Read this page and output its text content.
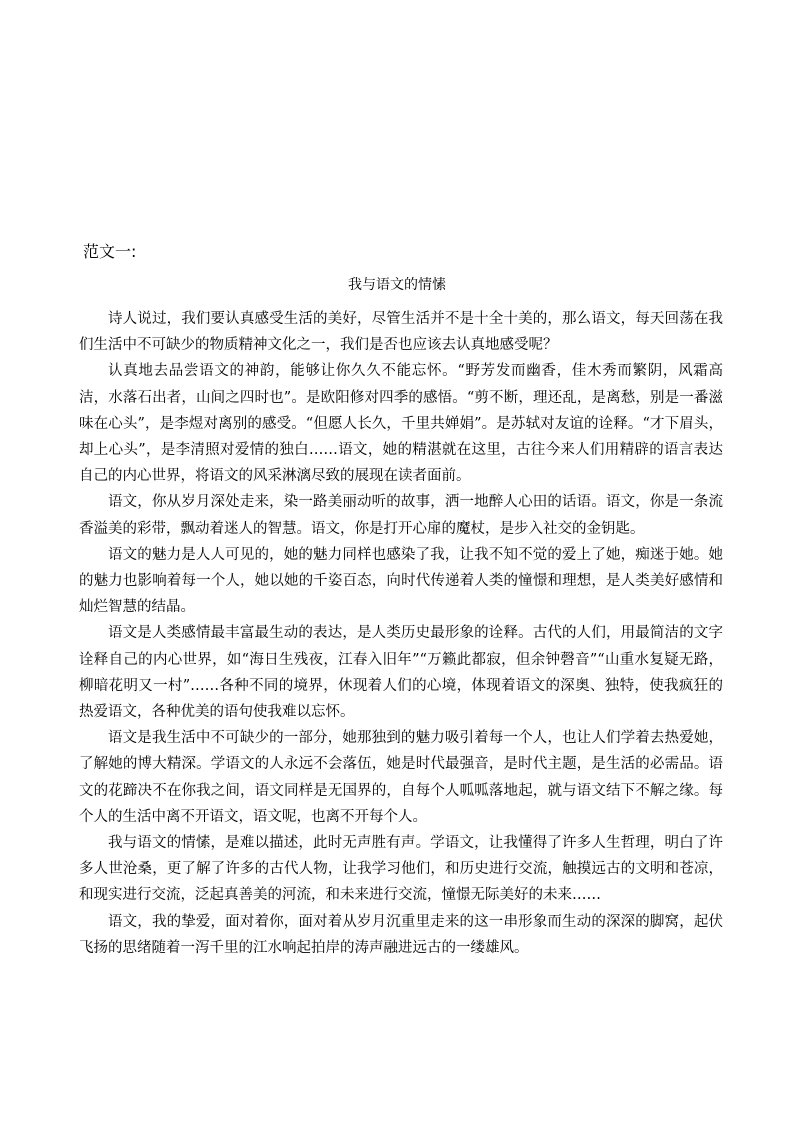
范文一:
我与语文的情愫

诗人说过，我们要认真感受生活的美好，尽管生活并不是十全十美的，那么语文，每天回荡在我们生活中不可缺少的物质精神文化之一，我们是否也应该去认真地感受呢？

认真地去品尝语文的神韵，能够让你久久不能忘怀。“野芳发而幽香，佳木秀而繁阴，风霜高洁，水落石出者，山间之四时也”。是欧阳修对四季的感悟。“剪不断，理还乱，是离愁，别是一番滋味在心头”，是李煜对离别的感受。“但愿人长久，千里共婵娟”。是苏轼对友谊的诠释。“才下眉头，却上心头”，是李清照对爱情的独白……语文，她的精湛就在这里，古往今来人们用精辟的语言表达自己的内心世界，将语文的风采淋漓尽致的展现在读者面前。

语文，你从岁月深处走来，染一路美丽动听的故事，洒一地醉人心田的话语。语文，你是一条流香溢美的彩带，飘动着迷人的智慧。语文，你是打开心扉的魔杖，是步入社交的金钥匙。

语文的魅力是人人可见的，她的魅力同样也感染了我，让我不知不觉的爱上了她，痴迷于她。她的魅力也影响着每一个人，她以她的千姿百态，向时代传递着人类的憧憬和理想，是人类美好感情和灿烂智慧的结晶。

语文是人类感情最丰富最生动的表达，是人类历史最形象的诠释。古代的人们，用最简洁的文字诠释自己的内心世界，如“海日生残夜，江春入旧年”“万籁此都寂，但余钟磬音”“山重水复疑无路，柳暗花明又一村”……各种不同的境界，休现着人们的心境，体现着语文的深奥、独特，使我疯狂的热爱语文，各种优美的语句使我难以忘怀。

语文是我生活中不可缺少的一部分，她那独到的魅力吸引着每一个人，也让人们学着去热爱她，了解她的博大精深。学语文的人永远不会落伍，她是时代最强音，是时代主题，是生活的必需品。语文的花蹄决不在你我之间，语文同样是无国界的，自每个人呱呱落地起，就与语文结下不解之缘。每个人的生活中离不开语文，语文呢，也离不开每个人。

我与语文的情愫，是难以描述，此时无声胜有声。学语文，让我懂得了许多人生哲理，明白了许多人世沧桑，更了解了许多的古代人物，让我学习他们，和历史进行交流，触摸远古的文明和苍凉，和现实进行交流，泛起真善美的河流，和未来进行交流，憧憬无际美好的未来……

语文，我的挚爱，面对着你，面对着从岁月沉重里走来的这一串形象而生动的深深的脚窝，起伏飞扬的思绪随着一泻千里的江水响起拍岸的涛声融进远古的一缕雄风。
